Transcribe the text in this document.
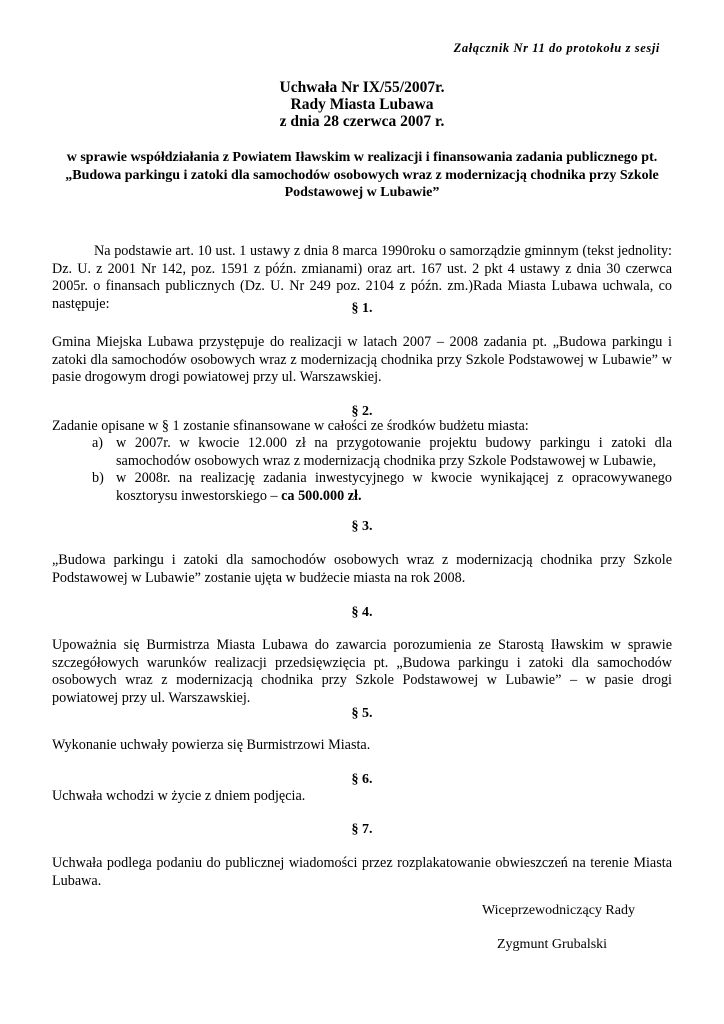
Załącznik Nr 11 do protokołu z sesji
Uchwała Nr IX/55/2007r.
Rady Miasta Lubawa
z dnia 28 czerwca 2007 r.
w sprawie współdziałania z Powiatem Iławskim w realizacji i finansowania zadania publicznego pt. „Budowa parkingu i zatoki dla samochodów osobowych wraz z modernizacją chodnika przy Szkole Podstawowej w Lubawie”
Na podstawie art. 10 ust. 1 ustawy z dnia 8 marca 1990roku o samorządzie gminnym (tekst jednolity: Dz. U. z 2001 Nr 142, poz. 1591 z późn. zmianami) oraz art. 167 ust. 2 pkt 4 ustawy z dnia 30 czerwca 2005r. o finansach publicznych (Dz. U. Nr 249 poz. 2104 z późn. zm.)Rada Miasta Lubawa uchwala, co następuje:	§ 1.
Gmina Miejska Lubawa przystępuje do realizacji w latach 2007 – 2008 zadania pt. „Budowa parkingu i zatoki dla samochodów osobowych wraz z modernizacją chodnika przy Szkole Podstawowej w Lubawie” w pasie drogowym drogi powiatowej przy ul. Warszawskiej.
§ 2.
Zadanie opisane w § 1 zostanie sfinansowane w całości ze środków budżetu miasta:
a) w 2007r. w kwocie 12.000 zł na przygotowanie projektu budowy parkingu i zatoki dla samochodów osobowych wraz z modernizacją chodnika przy Szkole Podstawowej w Lubawie,
b) w 2008r. na realizację zadania inwestycyjnego w kwocie wynikającej z opracowywanego kosztorysu inwestorskiego – ca 500.000 zł.
§ 3.
„Budowa parkingu i zatoki dla samochodów osobowych wraz z modernizacją chodnika przy Szkole Podstawowej w Lubawie” zostanie ujęta w budżecie miasta na rok 2008.
§ 4.
Upoważnia się Burmistrza Miasta Lubawa do zawarcia porozumienia ze Starostą Iławskim w sprawie szczegółowych warunków realizacji przedsięwzięcia pt. „Budowa parkingu i zatoki dla samochodów osobowych wraz z modernizacją chodnika przy Szkole Podstawowej w Lubawie” – w pasie drogi powiatowej przy ul. Warszawskiej.
§ 5.
Wykonanie uchwały powierza się Burmistrzowi Miasta.
§ 6.
Uchwała wchodzi w życie z dniem podjęcia.
§ 7.
Uchwała podlega podaniu do publicznej wiadomości przez rozplakatowanie obwieszczeń na terenie Miasta Lubawa.
Wiceprzewodniczący Rady
Zygmunt Grubalski
